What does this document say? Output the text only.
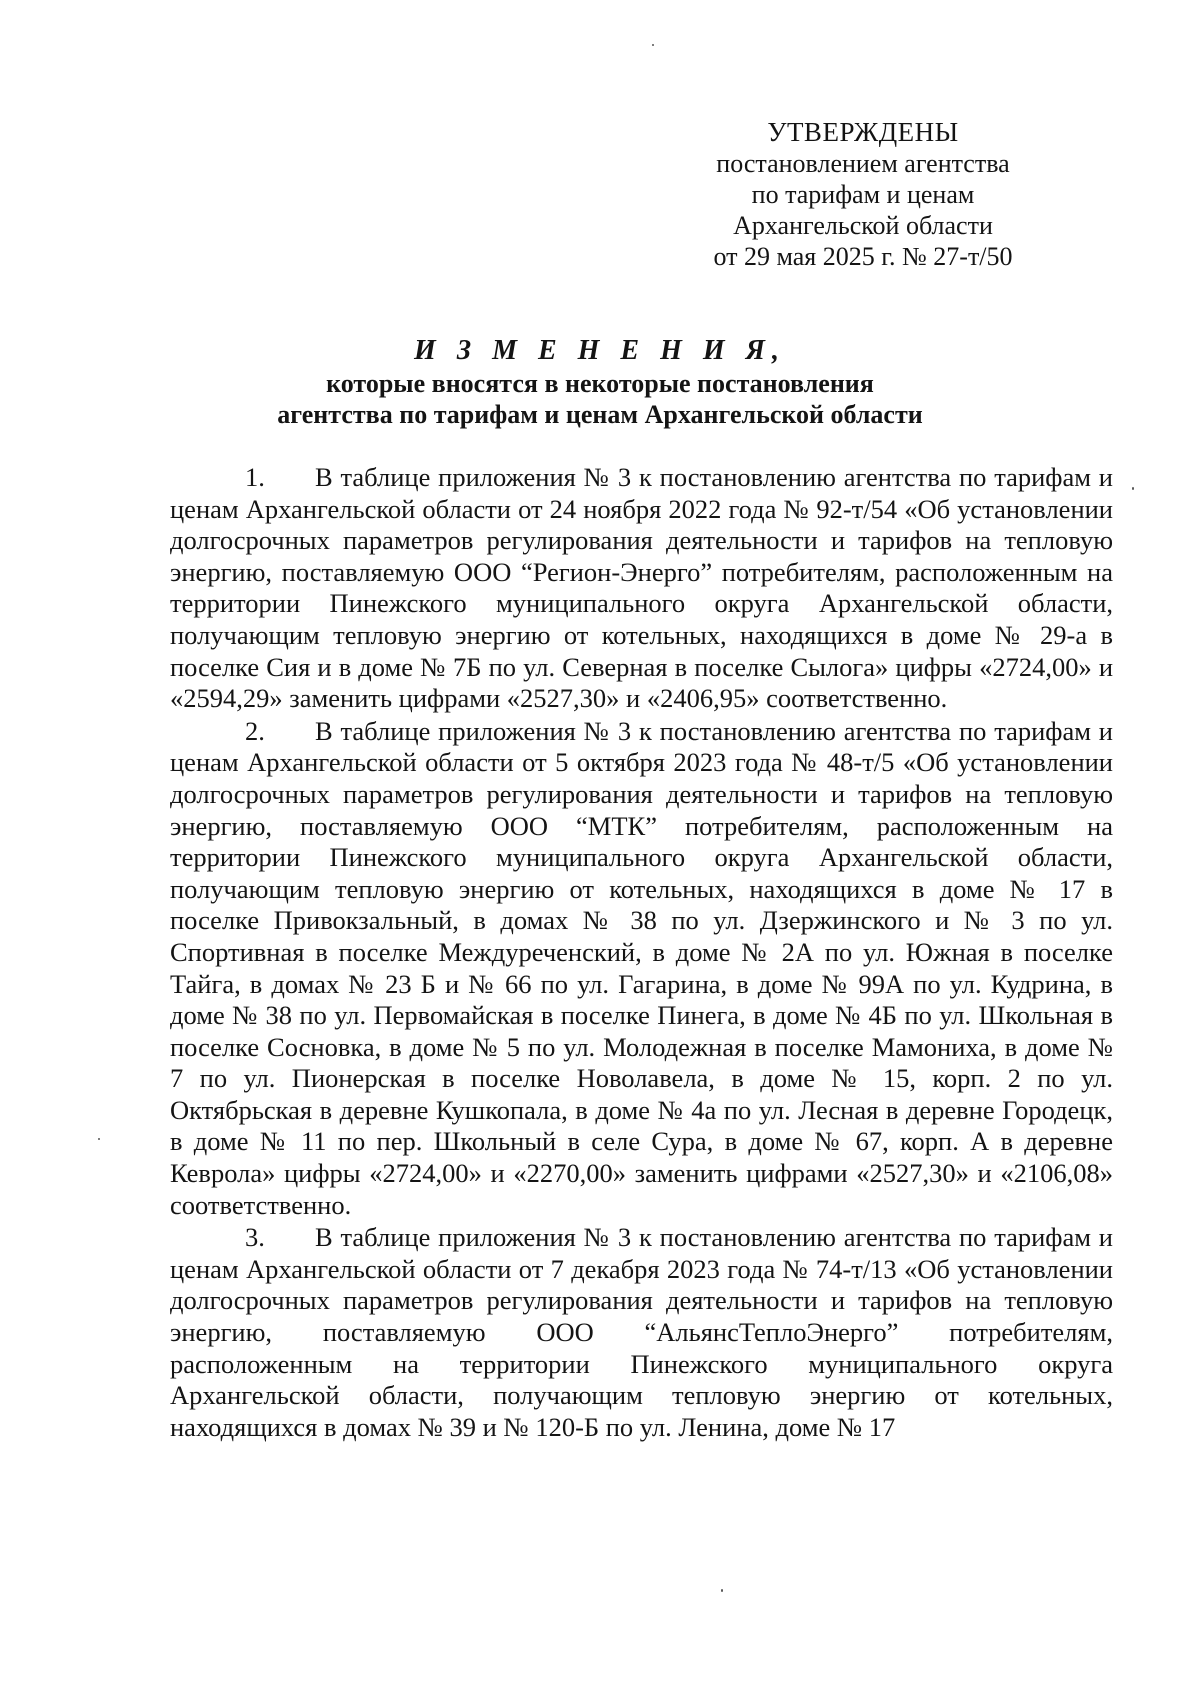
УТВЕРЖДЕНЫ
постановлением агентства
по тарифам и ценам
Архангельской области
от 29 мая 2025 г. № 27-т/50
И З М Е Н Е Н И Я,
которые вносятся в некоторые постановления
агентства по тарифам и ценам Архангельской области

1. В таблице приложения № 3 к постановлению агентства по тарифам и ценам Архангельской области от 24 ноября 2022 года № 92-т/54 «Об установлении долгосрочных параметров регулирования деятельности и тарифов на тепловую энергию, поставляемую ООО “Регион-Энерго” потребителям, расположенным на территории Пинежского муниципального округа Архангельской области, получающим тепловую энергию от котельных, находящихся в доме № 29-а в поселке Сия и в доме № 7Б по ул. Северная в поселке Сылога» цифры «2724,00» и «2594,29» заменить цифрами «2527,30» и «2406,95» соответственно.

2. В таблице приложения № 3 к постановлению агентства по тарифам и ценам Архангельской области от 5 октября 2023 года № 48-т/5 «Об установлении долгосрочных параметров регулирования деятельности и тарифов на тепловую энергию, поставляемую ООО “МТК” потребителям, расположенным на территории Пинежского муниципального округа Архангельской области, получающим тепловую энергию от котельных, находящихся в доме № 17 в поселке Привокзальный, в домах № 38 по ул. Дзержинского и № 3 по ул. Спортивная в поселке Междуреченский, в доме № 2А по ул. Южная в поселке Тайга, в домах № 23 Б и № 66 по ул. Гагарина, в доме № 99А по ул. Кудрина, в доме № 38 по ул. Первомайская в поселке Пинега, в доме № 4Б по ул. Школьная в поселке Сосновка, в доме № 5 по ул. Молодежная в поселке Мамониха, в доме № 7 по ул. Пионерская в поселке Новолавела, в доме № 15, корп. 2 по ул. Октябрьская в деревне Кушкопала, в доме № 4а по ул. Лесная в деревне Городецк, в доме № 11 по пер. Школьный в селе Сура, в доме № 67, корп. А в деревне Кеврола» цифры «2724,00» и «2270,00» заменить цифрами «2527,30» и «2106,08» соответственно.

3. В таблице приложения № 3 к постановлению агентства по тарифам и ценам Архангельской области от 7 декабря 2023 года № 74-т/13 «Об установлении долгосрочных параметров регулирования деятельности и тарифов на тепловую энергию, поставляемую ООО “АльянсТеплоЭнерго” потребителям, расположенным на территории Пинежского муниципального округа Архангельской области, получающим тепловую энергию от котельных, находящихся в домах № 39 и № 120-Б по ул. Ленина, доме № 17
